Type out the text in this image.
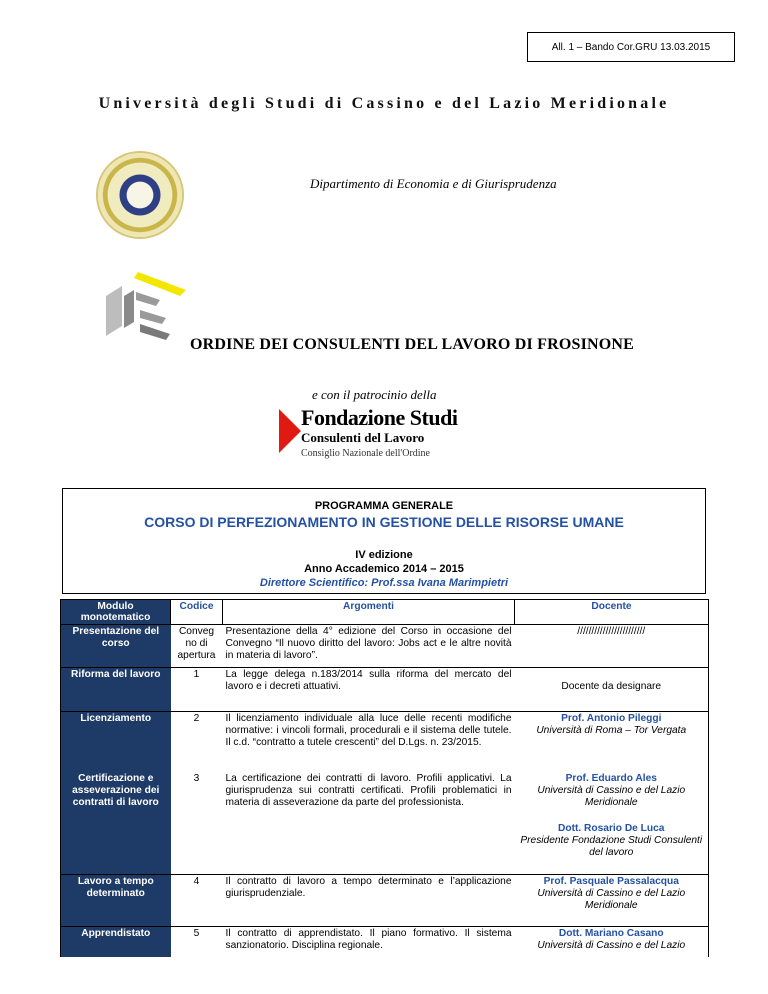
All. 1 – Bando Cor.GRU 13.03.2015
Università degli Studi di Cassino e del Lazio Meridionale
Dipartimento di Economia e di Giurisprudenza
ORDINE DEI CONSULENTI DEL LAVORO DI FROSINONE
e con il patrocinio della
Fondazione Studi
Consulenti del Lavoro
Consiglio Nazionale dell'Ordine
PROGRAMMA GENERALE
CORSO DI PERFEZIONAMENTO IN GESTIONE DELLE RISORSE UMANE
IV edizione
Anno Accademico 2014 – 2015
Direttore Scientifico: Prof.ssa Ivana Marimpietri
Modulo monotematico	Codice	Argomenti	Docente
Presentazione del corso	Conveg no di apertura	Presentazione della 4° edizione del Corso in occasione del Convegno “Il nuovo diritto del lavoro: Jobs act e le altre novità in materia di lavoro”.	////////////////////////
Riforma del lavoro	1	La legge delega n.183/2014 sulla riforma del mercato del lavoro e i decreti attuativi.	Docente da designare

Licenziamento	2	Il licenziamento individuale alla luce delle recenti modifiche normative: i vincoli formali, procedurali e il sistema delle tutele. Il c.d. “contratto a tutele crescenti” del D.Lgs. n. 23/2015.	Prof. Antonio Pileggi
Università di Roma – Tor Vergata

Certificazione e asseverazione dei contratti di lavoro	3	La certificazione dei contratti di lavoro. Profili applicativi. La giurisprudenza sui contratti certificati. Profili problematici in materia di asseverazione da parte del professionista.	Prof. Eduardo Ales
Università di Cassino e del Lazio Meridionale
Dott. Rosario De Luca
Presidente Fondazione Studi Consulenti del lavoro

Lavoro a tempo determinato	4	Il contratto di lavoro a tempo determinato e l’applicazione giurisprudenziale.	Prof. Pasquale Passalacqua
Università di Cassino e del Lazio Meridionale

Apprendistato	5	Il contratto di apprendistato. Il piano formativo. Il sistema sanzionatorio. Disciplina regionale.	Dott. Mariano Casano
Università di Cassino e del Lazio
